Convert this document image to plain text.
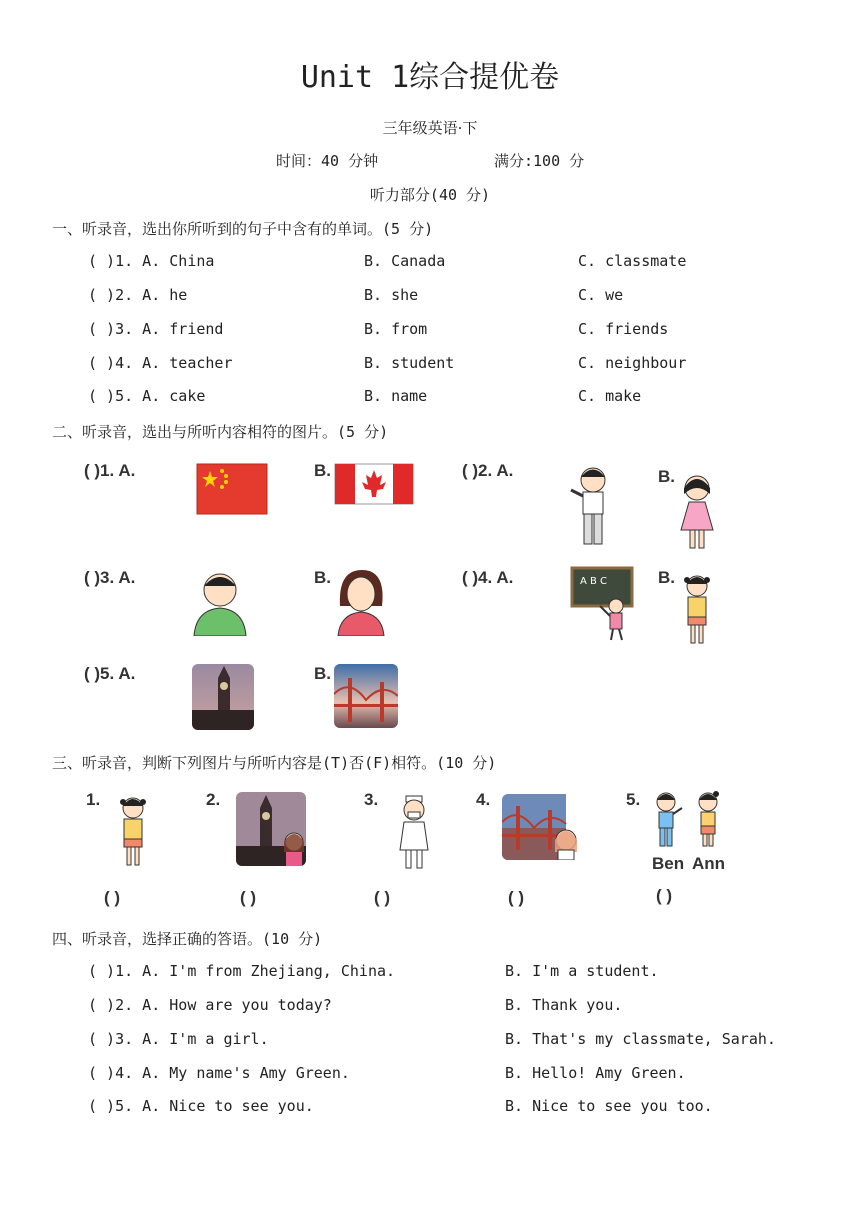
Unit 1综合提优卷
三年级英语·下
时间：40 分钟	满分:100 分
听力部分(40 分)
一、听录音，选出你所听到的句子中含有的单词。(5 分)
( )1. A. China	B. Canada	C. classmate
( )2. A. he	B. she	C. we
( )3. A. friend	B. from	C. friends
( )4. A. teacher	B. student	C. neighbour
( )5. A. cake	B. name	C. make
二、听录音，选出与所听内容相符的图片。(5 分)
( )1. A.	B.	( )2. A.	B.
( )3. A.	B.	( )4. A.	A B C	B.
( )5. A.	B.
三、听录音，判断下列图片与所听内容是(T)否(F)相符。(10 分)
1.
( )
2.
( )
3.
( )
4.
( )
5.
Ben Ann
( )
四、听录音，选择正确的答语。(10 分)
( )1. A. I'm from Zhejiang, China.	B. I'm a student.
( )2. A. How are you today?	B. Thank you.
( )3. A. I'm a girl.	B. That's my classmate, Sarah.
( )4. A. My name's Amy Green.	B. Hello! Amy Green.
( )5. A. Nice to see you.	B. Nice to see you too.
